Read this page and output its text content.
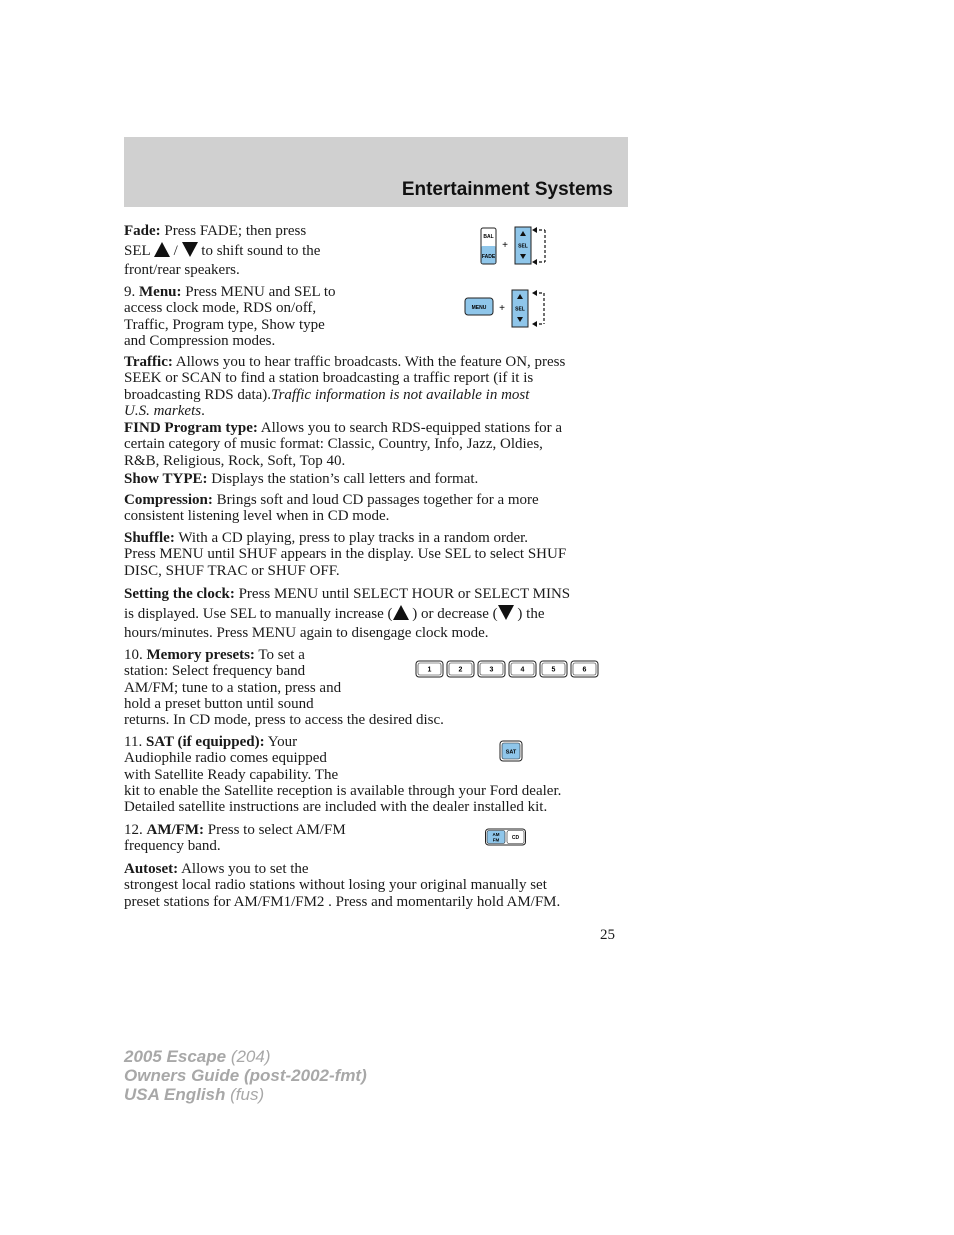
Entertainment Systems
Fade: Press FADE; then press
SEL  /  to shift sound to the
front/rear speakers.
BAL
FADE
+ SEL
9. Menu: Press MENU and SEL to
access clock mode, RDS on/off,
Traffic, Program type, Show type
and Compression modes.
MENU + SEL
Traffic: Allows you to hear traffic broadcasts. With the feature ON, press
SEEK or SCAN to find a station broadcasting a traffic report (if it is
broadcasting RDS data).Traffic information is not available in most
U.S. markets.
FIND Program type: Allows you to search RDS-equipped stations for a
certain category of music format: Classic, Country, Info, Jazz, Oldies,
R&B, Religious, Rock, Soft, Top 40.
Show TYPE: Displays the station’s call letters and format.
Compression: Brings soft and loud CD passages together for a more
consistent listening level when in CD mode.
Shuffle: With a CD playing, press to play tracks in a random order.
Press MENU until SHUF appears in the display. Use SEL to select SHUF
DISC, SHUF TRAC or SHUF OFF.
Setting the clock: Press MENU until SELECT HOUR or SELECT MINS
is displayed. Use SEL to manually increase ( ) or decrease ( ) the
hours/minutes. Press MENU again to disengage clock mode.
10. Memory presets: To set a
station: Select frequency band
AM/FM; tune to a station, press and
hold a preset button until sound
returns. In CD mode, press to access the desired disc.
1	2	3	4	5	6
11. SAT (if equipped): Your
Audiophile radio comes equipped
with Satellite Ready capability. The
kit to enable the Satellite reception is available through your Ford dealer.
Detailed satellite instructions are included with the dealer installed kit.
SAT
12. AM/FM: Press to select AM/FM
frequency band.
AM
FM	CD
Autoset: Allows you to set the
strongest local radio stations without losing your original manually set
preset stations for AM/FM1/FM2 . Press and momentarily hold AM/FM.
25
2005 Escape (204)
Owners Guide (post-2002-fmt)
USA English (fus)
